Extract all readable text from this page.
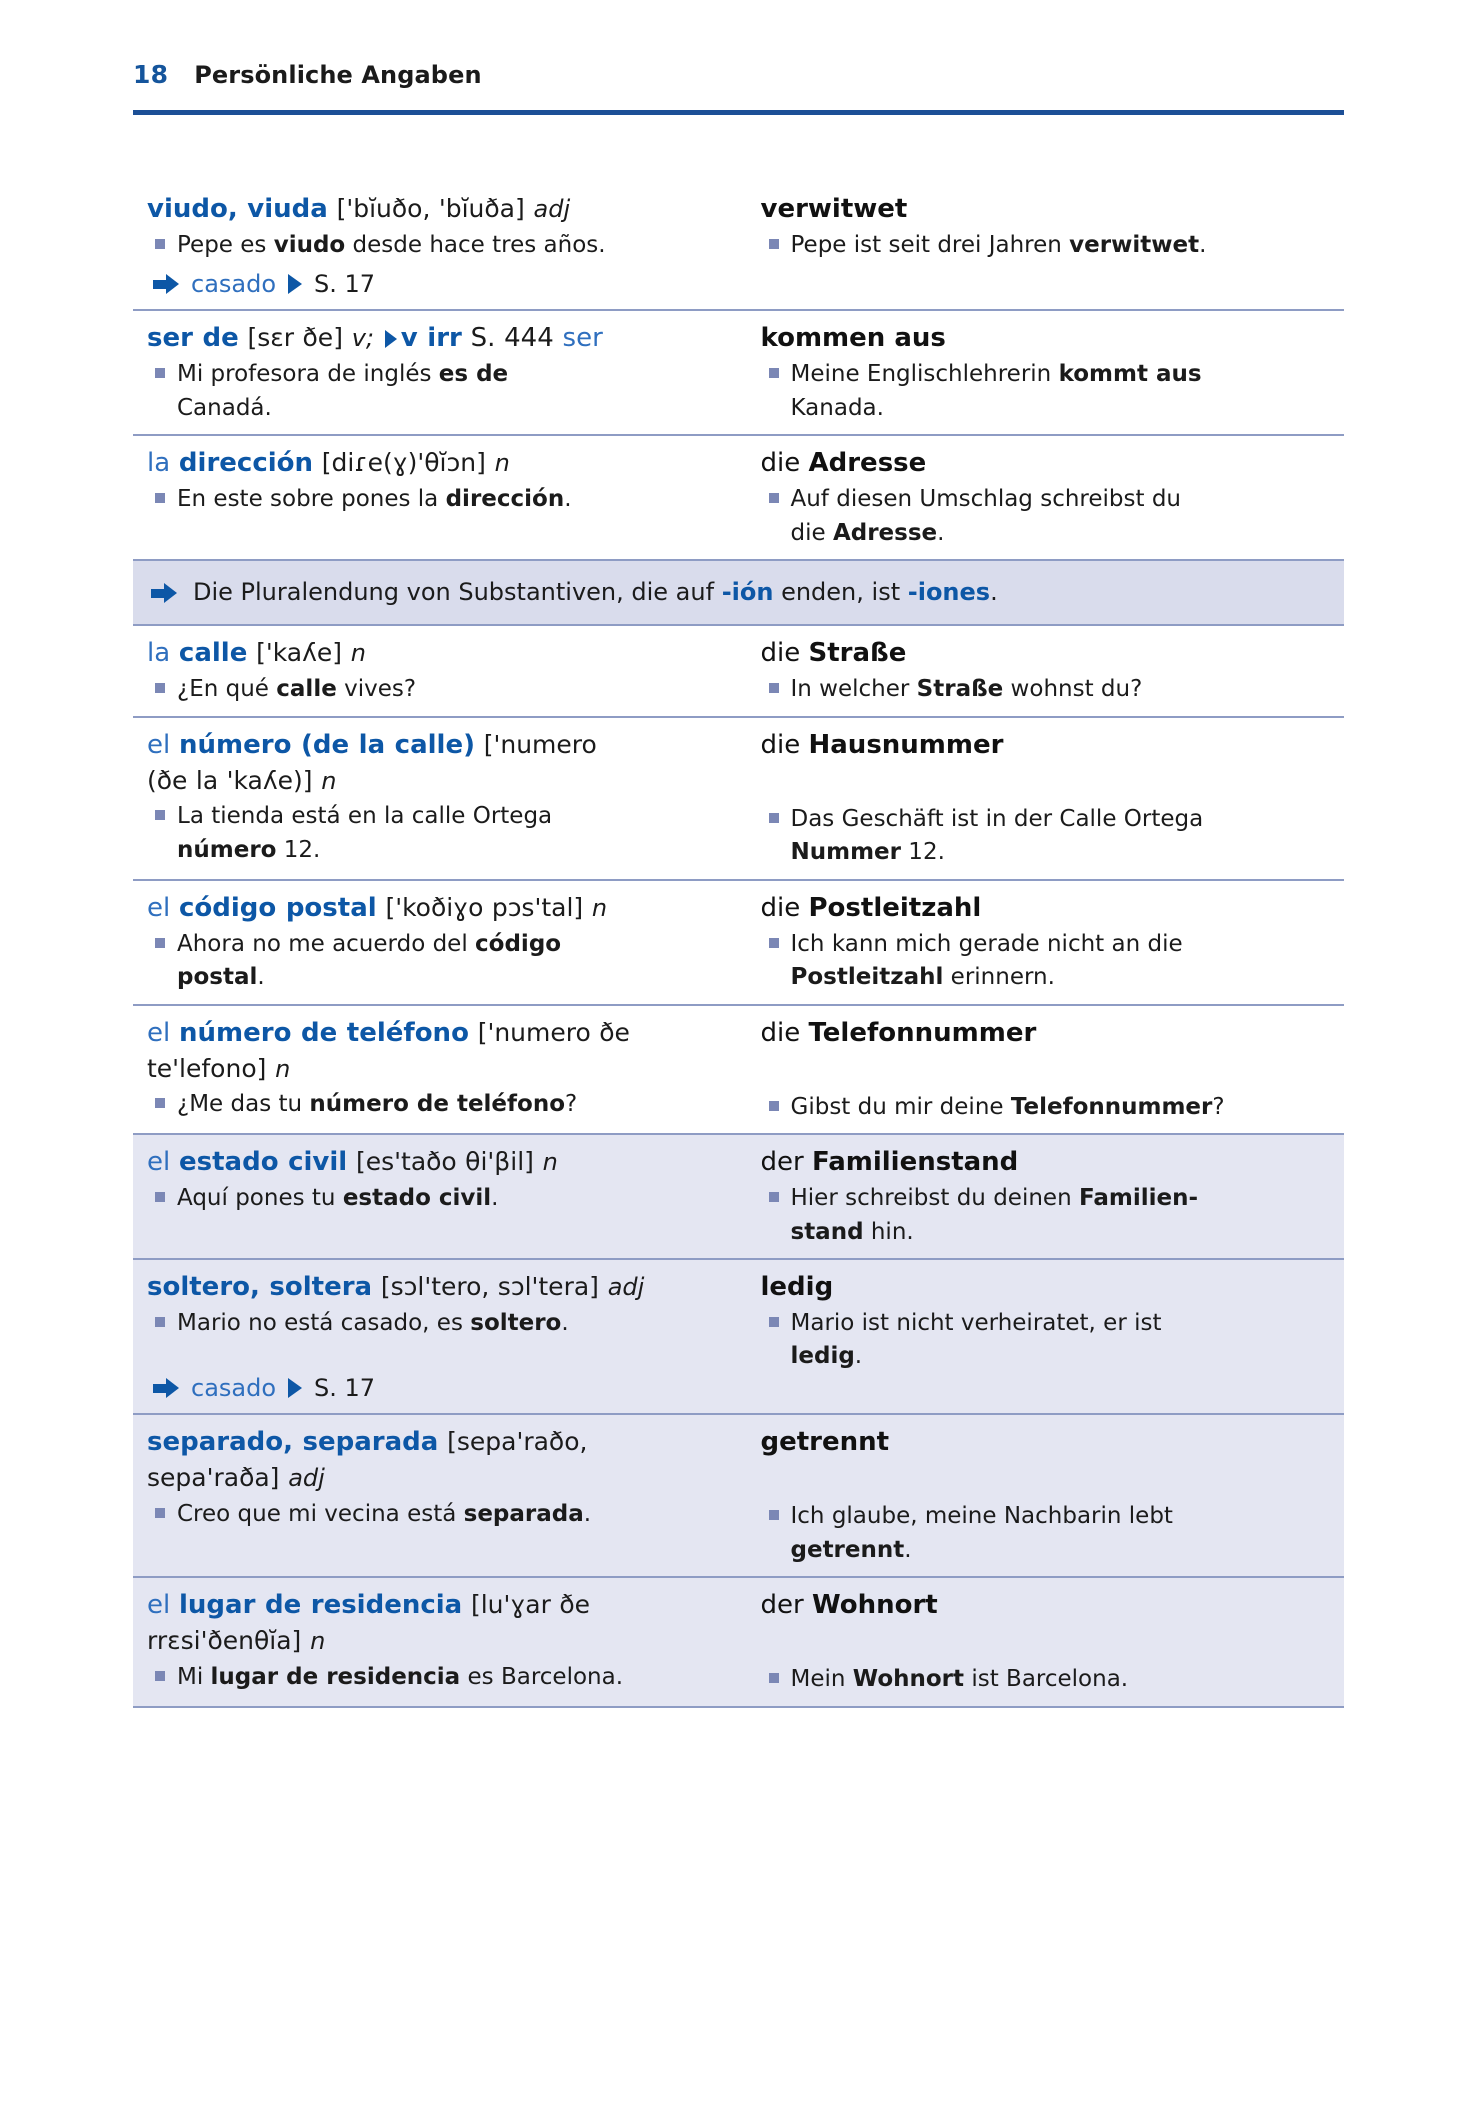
18 Persönliche Angaben
viudo, viuda ['bĭuðo, 'bĭuða] adj
Pepe es viudo desde hace tres años.
casado S. 17
verwitwet
Pepe ist seit drei Jahren verwitwet.
ser de [sɛr ðe] v; v irr S. 444 ser
Mi profesora de inglés es de
Canadá.
kommen aus
Meine Englischlehrerin kommt aus
Kanada.
la dirección [diɾe(ɣ)'θĭɔn] n
En este sobre pones la dirección.
die Adresse
Auf diesen Umschlag schreibst du
die Adresse.
Die Pluralendung von Substantiven, die auf -ión enden, ist -iones.
la calle ['kaʎe] n
¿En qué calle vives?
die Straße
In welcher Straße wohnst du?
el número (de la calle) ['numero
(ðe la 'kaʎe)] n
La tienda está en la calle Ortega
número 12.
die Hausnummer
Das Geschäft ist in der Calle Ortega
Nummer 12.
el código postal ['koðiɣo pɔs'tal] n
Ahora no me acuerdo del código
postal.
die Postleitzahl
Ich kann mich gerade nicht an die
Postleitzahl erinnern.
el número de teléfono ['numero ðe
te'lefono] n
¿Me das tu número de teléfono?
die Telefonnummer
Gibst du mir deine Telefonnummer?
el estado civil [es'taðo θi'βil] n
Aquí pones tu estado civil.
der Familienstand
Hier schreibst du deinen Familien-
stand hin.
soltero, soltera [sɔl'tero, sɔl'tera] adj
Mario no está casado, es soltero.
casado S. 17
ledig
Mario ist nicht verheiratet, er ist
ledig.
separado, separada [sepa'raðo,
sepa'raða] adj
Creo que mi vecina está separada.
getrennt
Ich glaube, meine Nachbarin lebt
getrennt.
el lugar de residencia [lu'ɣar ðe
rrɛsi'ðenθĭa] n
Mi lugar de residencia es Barcelona.
der Wohnort
Mein Wohnort ist Barcelona.
